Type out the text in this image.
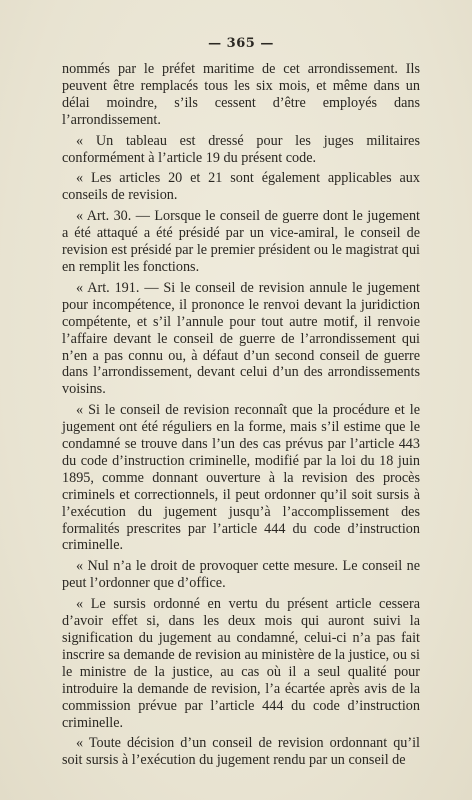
— 365 —

nommés par le préfet maritime de cet arrondissement. Ils peuvent être remplacés tous les six mois, et même dans un délai moindre, s’ils cessent d’être employés dans l’arrondissement.

« Un tableau est dressé pour les juges militaires conformément à l’article 19 du présent code.

« Les articles 20 et 21 sont également applicables aux conseils de revision.

« Art. 30. — Lorsque le conseil de guerre dont le jugement a été attaqué a été présidé par un vice-amiral, le conseil de revision est présidé par le premier président ou le magistrat qui en remplit les fonctions.

« Art. 191. — Si le conseil de revision annule le jugement pour incompétence, il prononce le renvoi devant la juridiction compétente, et s’il l’annule pour tout autre motif, il renvoie l’affaire devant le conseil de guerre de l’arrondissement qui n’en a pas connu ou, à défaut d’un second conseil de guerre dans l’arrondissement, devant celui d’un des arrondissements voisins.

« Si le conseil de revision reconnaît que la procédure et le jugement ont été réguliers en la forme, mais s’il estime que le condamné se trouve dans l’un des cas prévus par l’article 443 du code d’instruction criminelle, modifié par la loi du 18 juin 1895, comme donnant ouverture à la revision des procès criminels et correctionnels, il peut ordonner qu’il soit sursis à l’exécution du jugement jusqu’à l’accomplissement des formalités prescrites par l’article 444 du code d’instruction criminelle.

« Nul n’a le droit de provoquer cette mesure. Le conseil ne peut l’ordonner que d’office.

« Le sursis ordonné en vertu du présent article cessera d’avoir effet si, dans les deux mois qui auront suivi la signification du jugement au condamné, celui-ci n’a pas fait inscrire sa demande de revision au ministère de la justice, ou si le ministre de la justice, au cas où il a seul qualité pour introduire la demande de revision, l’a écartée après avis de la commission prévue par l’article 444 du code d’instruction criminelle.

« Toute décision d’un conseil de revision ordonnant qu’il soit sursis à l’exécution du jugement rendu par un conseil de
